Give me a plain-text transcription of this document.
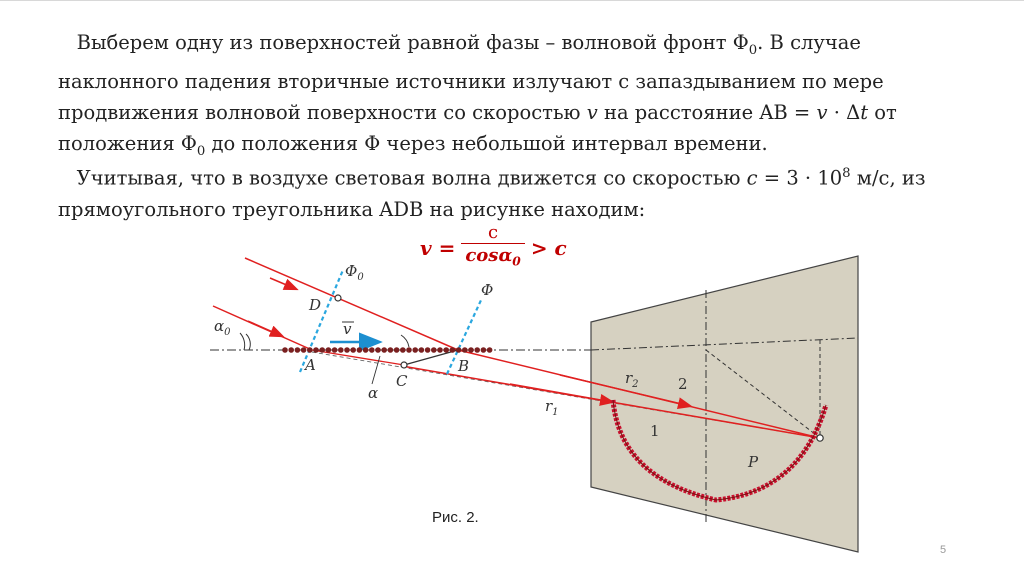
Выберем одну из поверхностей равной фазы – волновой фронт $\Phi_0$. В случае
наклонного падения вторичные источники излучают с запаздыванием по мере
продвижения волновой поверхности со скоростью v на расстояние AB = v · Δt от
положения $\Phi_0$ до положения Φ через небольшой интервал времени.

Учитывая, что в воздухе световая волна движется со скоростью $c = 3 \cdot 10^8$ м/с, из
прямоугольного треугольника ADB на рисунке находим:

$v = \frac{c}{\cos\alpha_0} > c$
$\Phi_0$
Φ
D
A	B
C
$\alpha_0$
α
v
$r_1$
$r_2$
1
2
P
Рис. 2.
5
